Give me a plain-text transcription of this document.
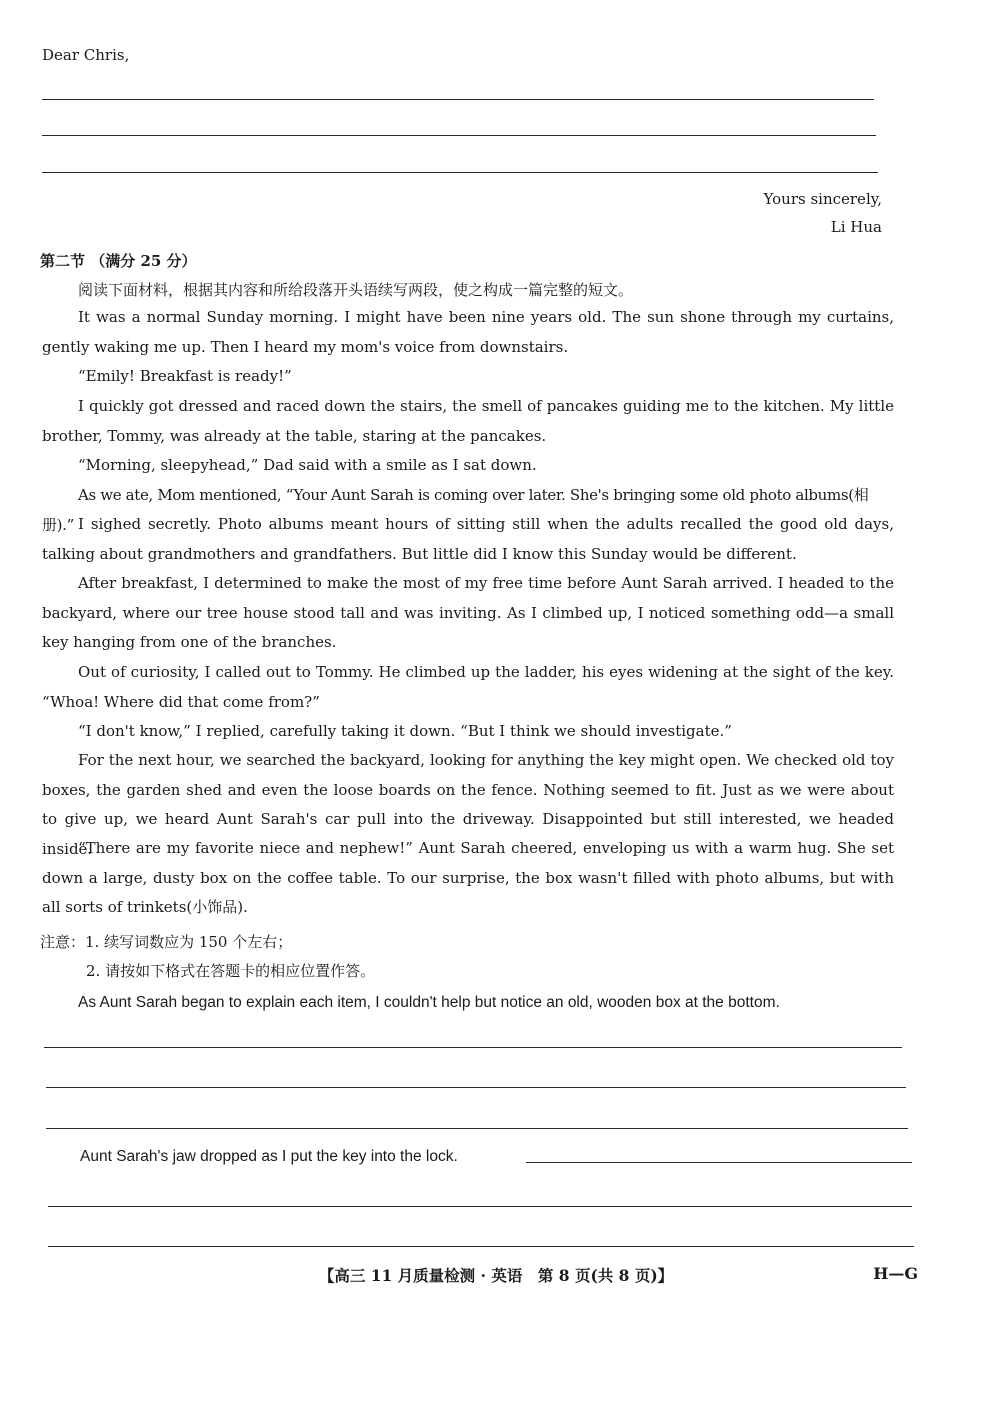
Dear Chris,
Yours sincerely,
Li Hua
第二节 （满分 25 分）
阅读下面材料，根据其内容和所给段落开头语续写两段，使之构成一篇完整的短文。

It was a normal Sunday morning. I might have been nine years old. The sun shone through my curtains, gently waking me up. Then I heard my mom's voice from downstairs.

“Emily! Breakfast is ready!”

I quickly got dressed and raced down the stairs, the smell of pancakes guiding me to the kitchen. My little brother, Tommy, was already at the table, staring at the pancakes.

“Morning, sleepyhead,” Dad said with a smile as I sat down.

As we ate, Mom mentioned, “Your Aunt Sarah is coming over later. She's bringing some old photo albums(相册).” I sighed secretly. Photo albums meant hours of sitting still when the adults recalled the good old days, talking about grandmothers and grandfathers. But little did I know this Sunday would be different.

After breakfast, I determined to make the most of my free time before Aunt Sarah arrived. I headed to the backyard, where our tree house stood tall and was inviting. As I climbed up, I noticed something odd—a small key hanging from one of the branches.

Out of curiosity, I called out to Tommy. He climbed up the ladder, his eyes widening at the sight of the key. “Whoa! Where did that come from?”

“I don't know,” I replied, carefully taking it down. “But I think we should investigate.”

For the next hour, we searched the backyard, looking for anything the key might open. We checked old toy boxes, the garden shed and even the loose boards on the fence. Nothing seemed to fit. Just as we were about to give up, we heard Aunt Sarah's car pull into the driveway. Disappointed but still interested, we headed inside.

“There are my favorite niece and nephew!” Aunt Sarah cheered, enveloping us with a warm hug. She set down a large, dusty box on the coffee table. To our surprise, the box wasn't filled with photo albums, but with all sorts of trinkets(小饰品).

注意：1. 续写词数应为 150 个左右；
2. 请按如下格式在答题卡的相应位置作答。
As Aunt Sarah began to explain each item, I couldn't help but notice an old, wooden box at the bottom.
Aunt Sarah's jaw dropped as I put the key into the lock.
【高三 11 月质量检测 · 英语　第 8 页(共 8 页)】	H—G
